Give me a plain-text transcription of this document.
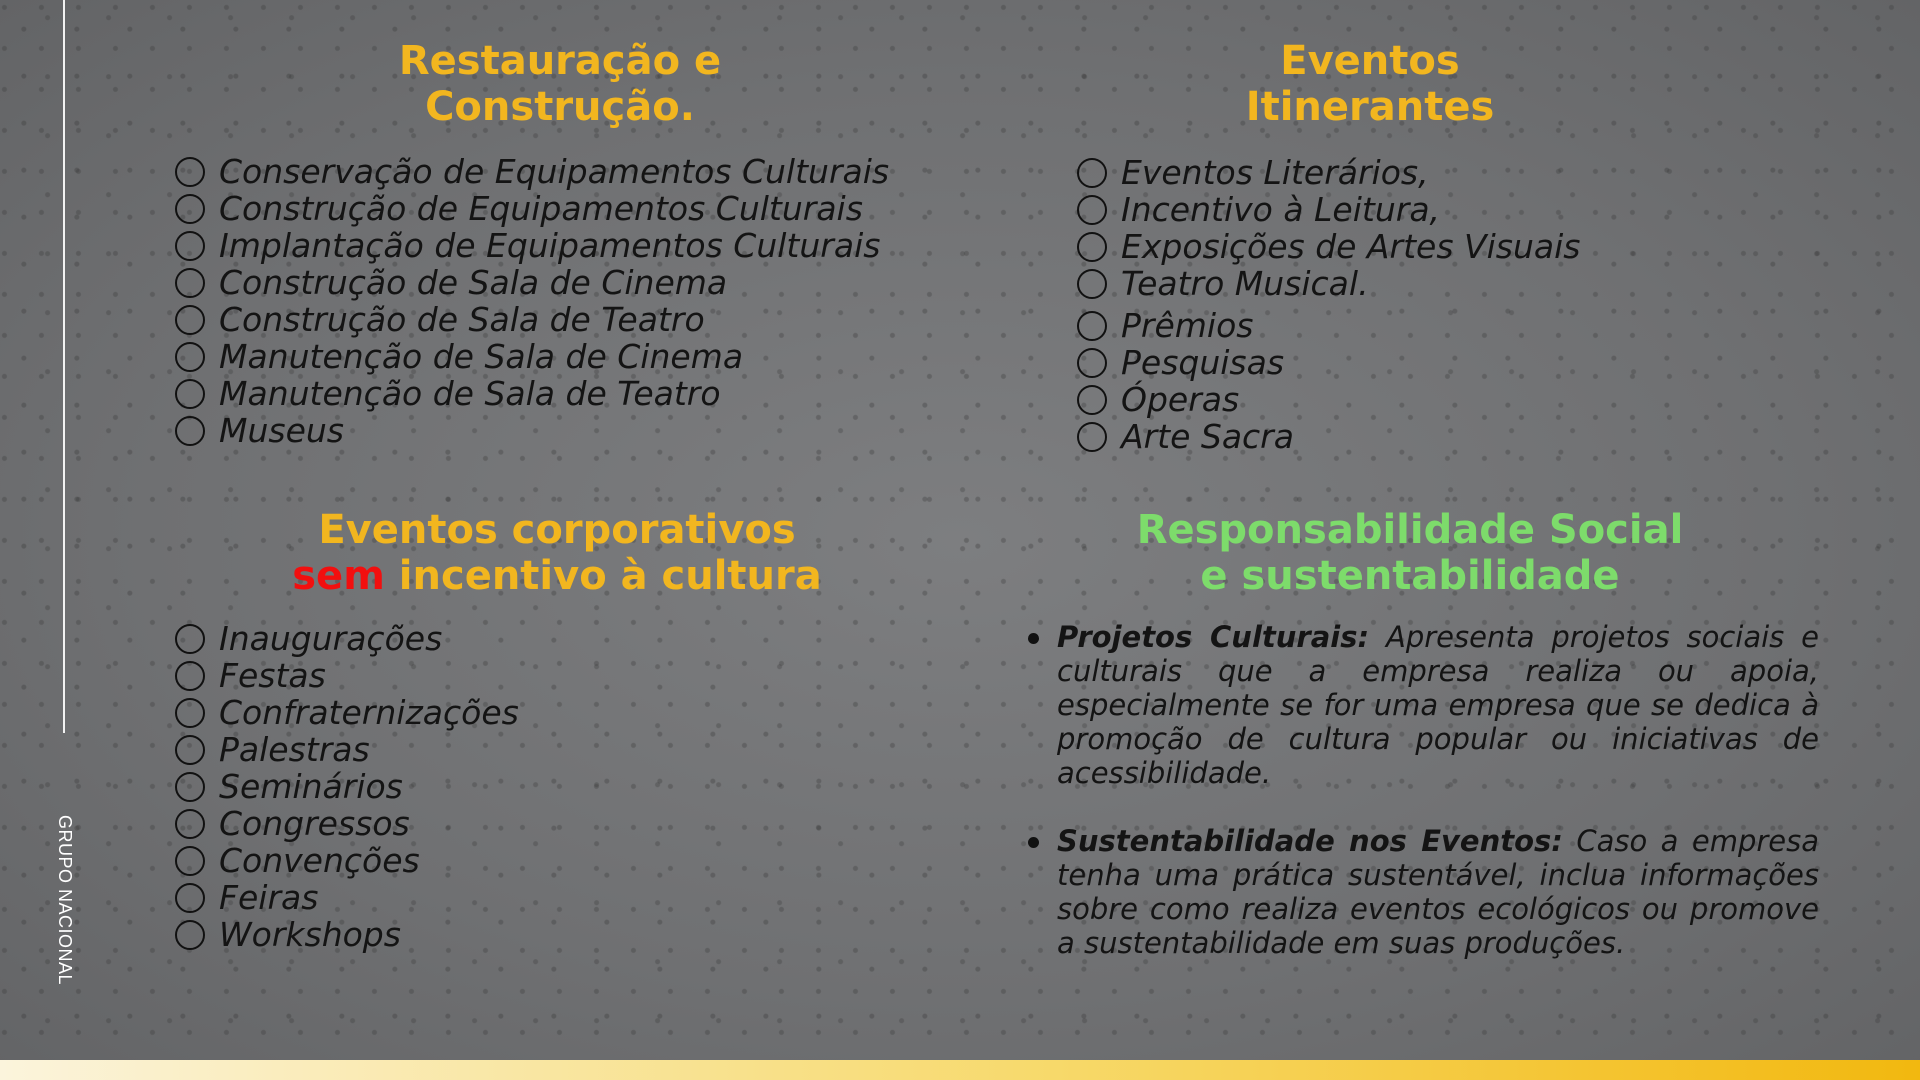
GRUPO NACIONAL
Restauração e
Construção.
Conservação de Equipamentos Culturais
Construção de Equipamentos Culturais
Implantação de Equipamentos Culturais
Construção de Sala de Cinema
Construção de Sala de Teatro
Manutenção de Sala de Cinema
Manutenção de Sala de Teatro
Museus
Eventos
Itinerantes
Eventos Literários,
Incentivo à Leitura,
Exposições de Artes Visuais
Teatro Musical.
Prêmios
Pesquisas
Óperas
Arte Sacra
Eventos corporativos
sem incentivo à cultura
Inaugurações
Festas
Confraternizações
Palestras
Seminários
Congressos
Convenções
Feiras
Workshops
Responsabilidade Social
e sustentabilidade
Projetos Culturais: Apresenta projetos sociais e culturais que a empresa realiza ou apoia, especialmente se for uma empresa que se dedica à promoção de cultura popular ou iniciativas de acessibilidade.
Sustentabilidade nos Eventos: Caso a empresa tenha uma prática sustentável, inclua informações sobre como realiza eventos ecológicos ou promove a sustentabilidade em suas produções.
